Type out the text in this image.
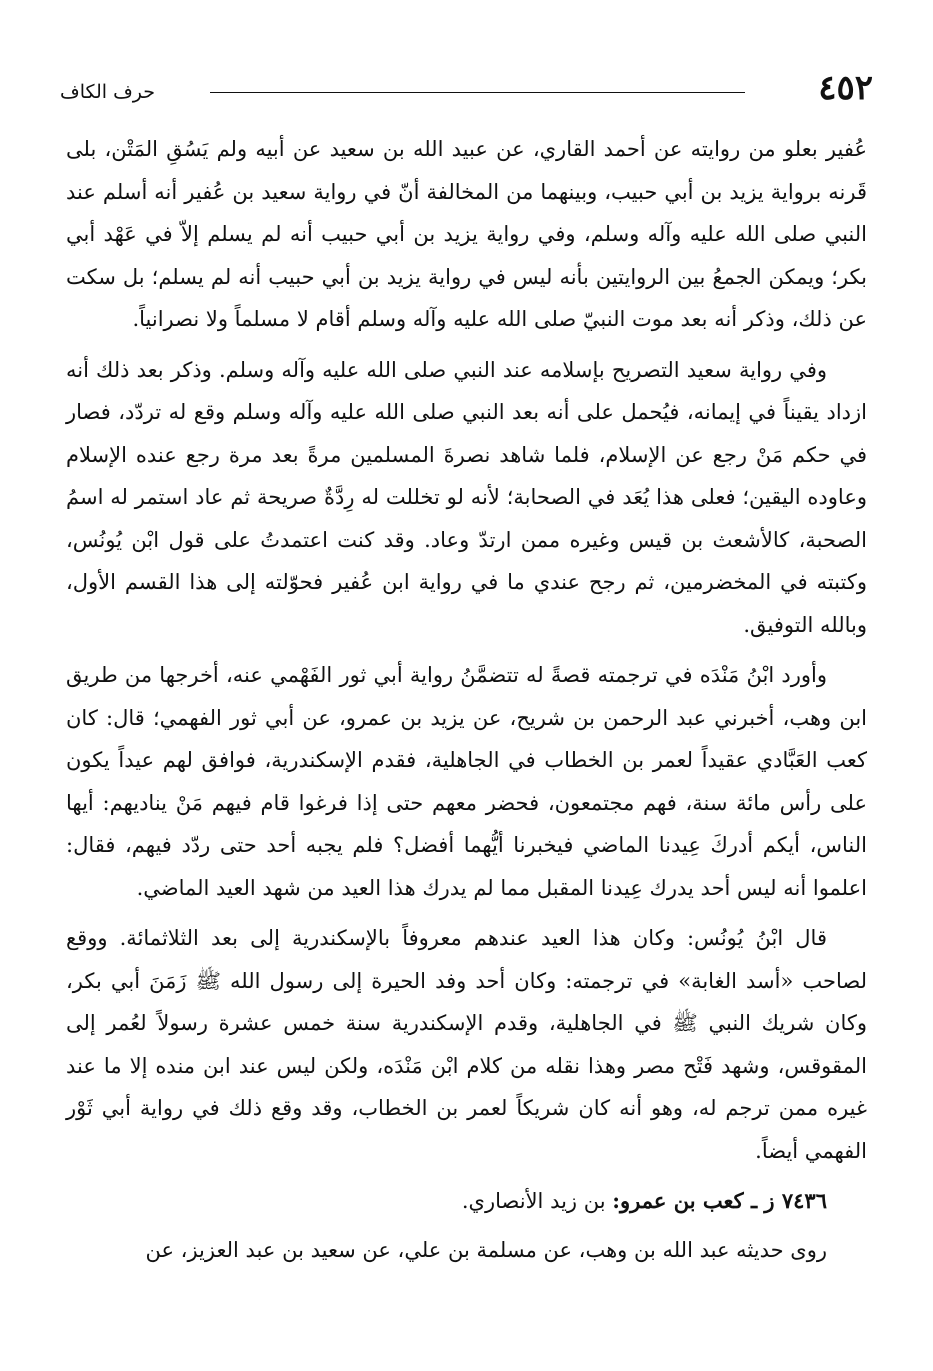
٤٥٢
حرف الكاف

عُفير بعلو من روايته عن أحمد القاري، عن عبيد الله بن سعيد عن أبيه ولم يَسُقِ المَتْن، بلى قَرنه برواية يزيد بن أبي حبيب، وبينهما من المخالفة أنّ في رواية سعيد بن عُفير أنه أسلم عند النبي صلى الله عليه وآله وسلم، وفي رواية يزيد بن أبي حبيب أنه لم يسلم إلاّ في عَهْد أبي بكر؛ ويمكن الجمعُ بين الروايتين بأنه ليس في رواية يزيد بن أبي حبيب أنه لم يسلم؛ بل سكت عن ذلك، وذكر أنه بعد موت النبيّ صلى الله عليه وآله وسلم أقام لا مسلماً ولا نصرانياً.

وفي رواية سعيد التصريح بإسلامه عند النبي صلى الله عليه وآله وسلم. وذكر بعد ذلك أنه ازداد يقيناً في إيمانه، فيُحمل على أنه بعد النبي صلى الله عليه وآله وسلم وقع له تردّد، فصار في حكم مَنْ رجع عن الإسلام، فلما شاهد نصرةَ المسلمين مرةً بعد مرة رجع عنده الإسلام وعاوده اليقين؛ فعلى هذا يُعَد في الصحابة؛ لأنه لو تخللت له رِدَّةٌ صريحة ثم عاد استمر له اسمُ الصحبة، كالأشعث بن قيس وغيره ممن ارتدّ وعاد. وقد كنت اعتمدتُ على قول ابْن يُونُس، وكتبته في المخضرمين، ثم رجح عندي ما في رواية ابن عُفير فحوّلته إلى هذا القسم الأول، وبالله التوفيق.

وأورد ابْنُ مَنْدَه في ترجمته قصةً له تتضمَّنُ رواية أبي ثور الفَهْمي عنه، أخرجها من طريق ابن وهب، أخبرني عبد الرحمن بن شريح، عن يزيد بن عمرو، عن أبي ثور الفهمي؛ قال: كان كعب العَبَّادي عقيداً لعمر بن الخطاب في الجاهلية، فقدم الإسكندرية، فوافق لهم عيداً يكون على رأس مائة سنة، فهم مجتمعون، فحضر معهم حتى إذا فرغوا قام فيهم مَنْ يناديهم: أيها الناس، أيكم أدركَ عِيدنا الماضي فيخبرنا أيُّهما أفضل؟ فلم يجبه أحد حتى ردّد فيهم، فقال: اعلموا أنه ليس أحد يدرك عِيدنا المقبل مما لم يدرك هذا العيد من شهد العيد الماضي.

قال ابْنُ يُونُس: وكان هذا العيد عندهم معروفاً بالإسكندرية إلى بعد الثلاثمائة. ووقع لصاحب «أسد الغابة» في ترجمته: وكان أحد وفد الحيرة إلى رسول الله ﷺ زَمَنَ أبي بكر، وكان شريك النبي ﷺ في الجاهلية، وقدم الإسكندرية سنة خمس عشرة رسولاً لعُمر إلى المقوقس، وشهد فَتْح مصر وهذا نقله من كلام ابْن مَنْدَه، ولكن ليس عند ابن منده إلا ما عند غيره ممن ترجم له، وهو أنه كان شريكاً لعمر بن الخطاب، وقد وقع ذلك في رواية أبي ثَوْر الفهمي أيضاً.

٧٤٣٦ ز ـ كعب بن عمرو: بن زيد الأنصاري.

روى حديثه عبد الله بن وهب، عن مسلمة بن علي، عن سعيد بن عبد العزيز، عن
